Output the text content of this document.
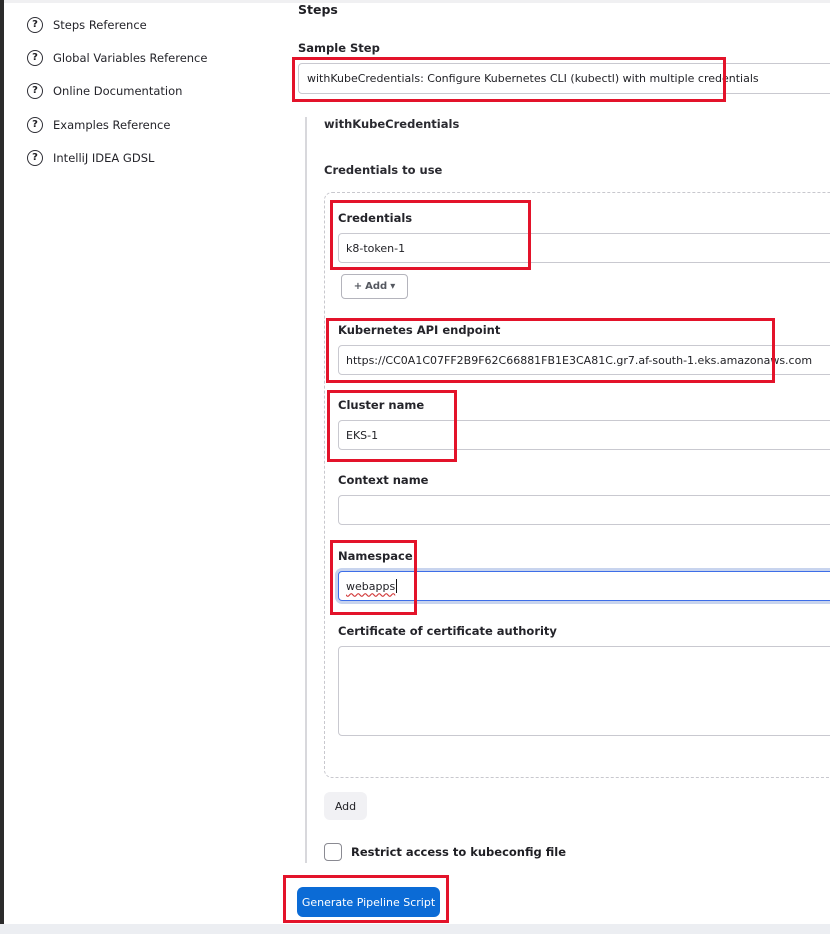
?	Steps Reference
?	Global Variables Reference
?	Online Documentation
?	Examples Reference
?	IntelliJ IDEA GDSL
Steps
Sample Step
withKubeCredentials: Configure Kubernetes CLI (kubectl) with multiple credentials
withKubeCredentials
Credentials to use
Credentials
k8-token-1
+ Add ▾
Kubernetes API endpoint
https://CC0A1C07FF2B9F62C66881FB1E3CA81C.gr7.af-south-1.eks.amazonaws.com
Cluster name
EKS-1
Context name
Namespace
webapps
Certificate of certificate authority
Add
Restrict access to kubeconfig file
Generate Pipeline Script
